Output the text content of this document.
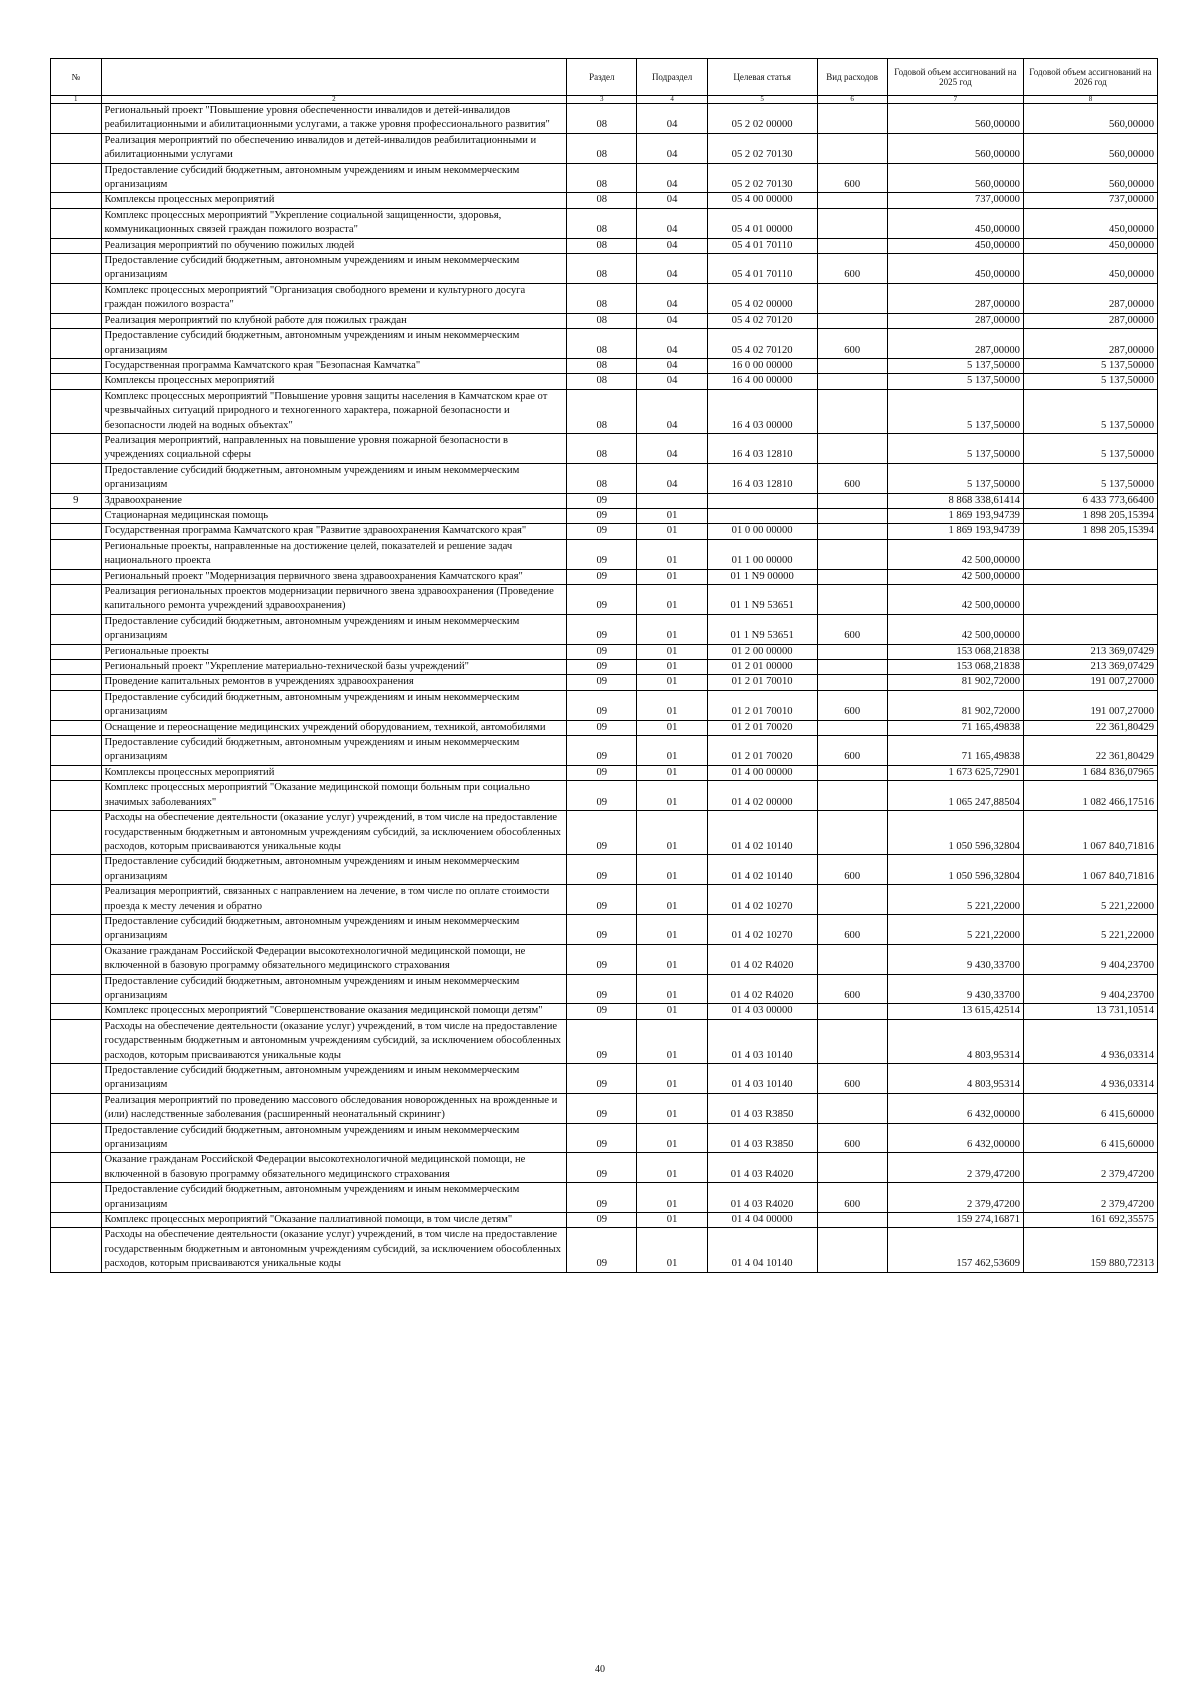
№		Раздел	Подраздел	Целевая статья	Вид расходов	Годовой объем ассигнований на 2025 год	Годовой объем ассигнований на 2026 год
1	2	3	4	5	6	7	8
	Региональный проект "Повышение уровня обеспеченности инвалидов и детей-инвалидов реабилитационными и абилитационными услугами, а также уровня профессионального развития"	08	04	05 2 02 00000		560,00000	560,00000
	Реализация мероприятий по обеспечению инвалидов и детей-инвалидов реабилитационными и абилитационными услугами	08	04	05 2 02 70130		560,00000	560,00000
	Предоставление субсидий бюджетным, автономным учреждениям и иным некоммерческим организациям	08	04	05 2 02 70130	600	560,00000	560,00000
	Комплексы процессных мероприятий	08	04	05 4 00 00000		737,00000	737,00000
	Комплекс процессных мероприятий "Укрепление социальной защищенности, здоровья, коммуникационных связей граждан пожилого возраста"	08	04	05 4 01 00000		450,00000	450,00000
	Реализация мероприятий по обучению пожилых людей	08	04	05 4 01 70110		450,00000	450,00000
	Предоставление субсидий бюджетным, автономным учреждениям и иным некоммерческим организациям	08	04	05 4 01 70110	600	450,00000	450,00000
	Комплекс процессных мероприятий "Организация свободного времени и культурного досуга граждан пожилого возраста"	08	04	05 4 02 00000		287,00000	287,00000
	Реализация мероприятий по клубной работе для пожилых граждан	08	04	05 4 02 70120		287,00000	287,00000
	Предоставление субсидий бюджетным, автономным учреждениям и иным некоммерческим организациям	08	04	05 4 02 70120	600	287,00000	287,00000
	Государственная программа Камчатского края "Безопасная Камчатка"	08	04	16 0 00 00000		5 137,50000	5 137,50000
	Комплексы процессных мероприятий	08	04	16 4 00 00000		5 137,50000	5 137,50000
	Комплекс процессных мероприятий "Повышение уровня защиты населения в Камчатском крае от чрезвычайных ситуаций природного и техногенного характера, пожарной безопасности и безопасности людей на водных объектах"	08	04	16 4 03 00000		5 137,50000	5 137,50000
	Реализация мероприятий, направленных на повышение уровня пожарной безопасности в учреждениях социальной сферы	08	04	16 4 03 12810		5 137,50000	5 137,50000
	Предоставление субсидий бюджетным, автономным учреждениям и иным некоммерческим организациям	08	04	16 4 03 12810	600	5 137,50000	5 137,50000
9	Здравоохранение	09				8 868 338,61414	6 433 773,66400
	Стационарная медицинская помощь	09	01			1 869 193,94739	1 898 205,15394
	Государственная программа Камчатского края "Развитие здравоохранения Камчатского края"	09	01	01 0 00 00000		1 869 193,94739	1 898 205,15394
	Региональные проекты, направленные на достижение целей, показателей и решение задач национального проекта	09	01	01 1 00 00000		42 500,00000	
	Региональный проект "Модернизация первичного звена здравоохранения Камчатского края"	09	01	01 1 N9 00000		42 500,00000	
	Реализация региональных проектов модернизации первичного звена здравоохранения (Проведение капитального ремонта учреждений здравоохранения)	09	01	01 1 N9 53651		42 500,00000	
	Предоставление субсидий бюджетным, автономным учреждениям и иным некоммерческим организациям	09	01	01 1 N9 53651	600	42 500,00000	
	Региональные проекты	09	01	01 2 00 00000		153 068,21838	213 369,07429
	Региональный проект "Укрепление материально-технической базы учреждений"	09	01	01 2 01 00000		153 068,21838	213 369,07429
	Проведение капитальных ремонтов в учреждениях здравоохранения	09	01	01 2 01 70010		81 902,72000	191 007,27000
	Предоставление субсидий бюджетным, автономным учреждениям и иным некоммерческим организациям	09	01	01 2 01 70010	600	81 902,72000	191 007,27000
	Оснащение и переоснащение медицинских учреждений оборудованием, техникой, автомобилями	09	01	01 2 01 70020		71 165,49838	22 361,80429
	Предоставление субсидий бюджетным, автономным учреждениям и иным некоммерческим организациям	09	01	01 2 01 70020	600	71 165,49838	22 361,80429
	Комплексы процессных мероприятий	09	01	01 4 00 00000		1 673 625,72901	1 684 836,07965
	Комплекс процессных мероприятий "Оказание медицинской помощи больным при социально значимых заболеваниях"	09	01	01 4 02 00000		1 065 247,88504	1 082 466,17516
	Расходы на обеспечение деятельности (оказание услуг) учреждений, в том числе на предоставление государственным бюджетным и автономным учреждениям субсидий, за исключением обособленных расходов, которым присваиваются уникальные коды	09	01	01 4 02 10140		1 050 596,32804	1 067 840,71816
	Предоставление субсидий бюджетным, автономным учреждениям и иным некоммерческим организациям	09	01	01 4 02 10140	600	1 050 596,32804	1 067 840,71816
	Реализация мероприятий, связанных с направлением на лечение, в том числе по оплате стоимости проезда к месту лечения и обратно	09	01	01 4 02 10270		5 221,22000	5 221,22000
	Предоставление субсидий бюджетным, автономным учреждениям и иным некоммерческим организациям	09	01	01 4 02 10270	600	5 221,22000	5 221,22000
	Оказание гражданам Российской Федерации высокотехнологичной медицинской помощи, не включенной в базовую программу обязательного медицинского страхования	09	01	01 4 02 R4020		9 430,33700	9 404,23700
	Предоставление субсидий бюджетным, автономным учреждениям и иным некоммерческим организациям	09	01	01 4 02 R4020	600	9 430,33700	9 404,23700
	Комплекс процессных мероприятий "Совершенствование оказания медицинской помощи детям"	09	01	01 4 03 00000		13 615,42514	13 731,10514
	Расходы на обеспечение деятельности (оказание услуг) учреждений, в том числе на предоставление государственным бюджетным и автономным учреждениям субсидий, за исключением обособленных расходов, которым присваиваются уникальные коды	09	01	01 4 03 10140		4 803,95314	4 936,03314
	Предоставление субсидий бюджетным, автономным учреждениям и иным некоммерческим организациям	09	01	01 4 03 10140	600	4 803,95314	4 936,03314
	Реализация мероприятий по проведению массового обследования новорожденных на врожденные и (или) наследственные заболевания (расширенный неонатальный скрининг)	09	01	01 4 03 R3850		6 432,00000	6 415,60000
	Предоставление субсидий бюджетным, автономным учреждениям и иным некоммерческим организациям	09	01	01 4 03 R3850	600	6 432,00000	6 415,60000
	Оказание гражданам Российской Федерации высокотехнологичной медицинской помощи, не включенной в базовую программу обязательного медицинского страхования	09	01	01 4 03 R4020		2 379,47200	2 379,47200
	Предоставление субсидий бюджетным, автономным учреждениям и иным некоммерческим организациям	09	01	01 4 03 R4020	600	2 379,47200	2 379,47200
	Комплекс процессных мероприятий "Оказание паллиативной помощи, в том числе детям"	09	01	01 4 04 00000		159 274,16871	161 692,35575
	Расходы на обеспечение деятельности (оказание услуг) учреждений, в том числе на предоставление государственным бюджетным и автономным учреждениям субсидий, за исключением обособленных расходов, которым присваиваются уникальные коды	09	01	01 4 04 10140		157 462,53609	159 880,72313
40
